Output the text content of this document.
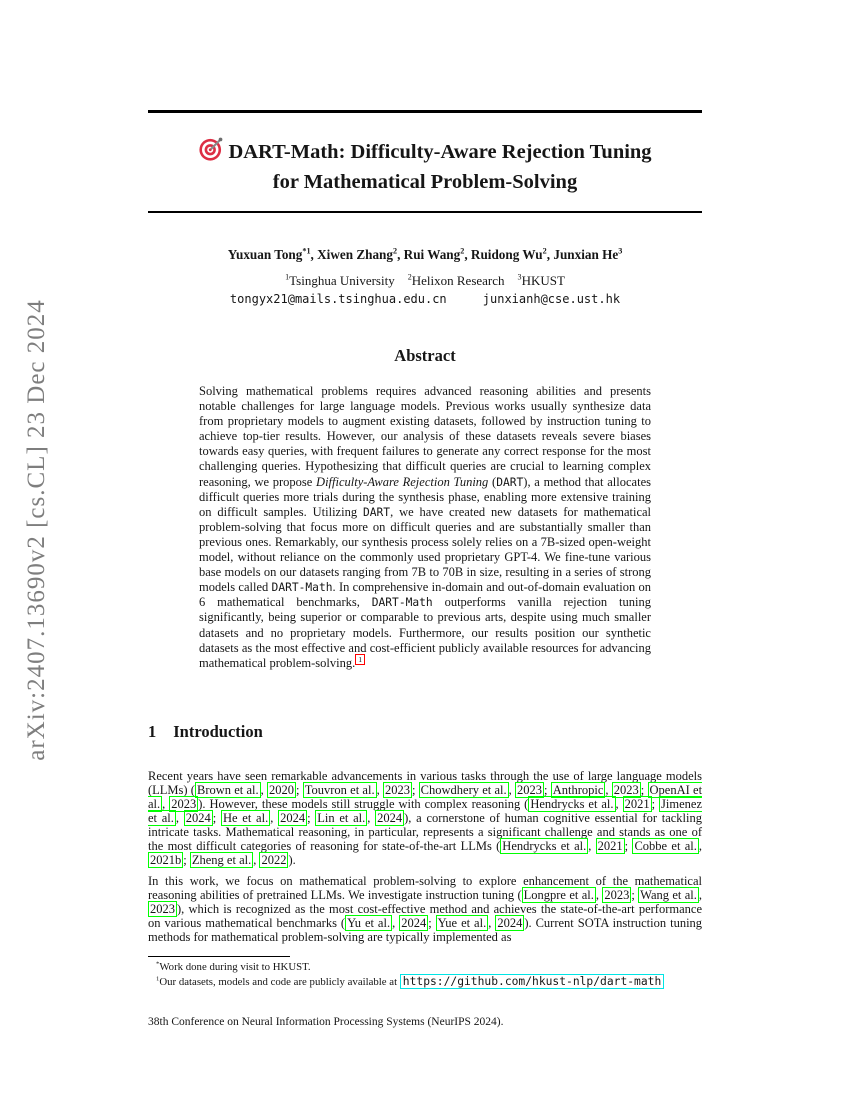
arXiv:2407.13690v2 [cs.CL] 23 Dec 2024
DART-Math: Difficulty-Aware Rejection Tuning
for Mathematical Problem-Solving
Yuxuan Tong$^{*1}$, Xiwen Zhang$^2$, Rui Wang$^2$, Ruidong Wu$^2$, Junxian He$^3$
$^1$Tsinghua University    $^2$Helixon Research    $^3$HKUST
tongyx21@mails.tsinghua.edu.cn     junxianh@cse.ust.hk
Abstract
Solving mathematical problems requires advanced reasoning abilities and presents notable challenges for large language models. Previous works usually synthesize data from proprietary models to augment existing datasets, followed by instruction tuning to achieve top-tier results. However, our analysis of these datasets reveals severe biases towards easy queries, with frequent failures to generate any correct response for the most challenging queries. Hypothesizing that difficult queries are crucial to learning complex reasoning, we propose Difficulty-Aware Rejection Tuning (DART), a method that allocates difficult queries more trials during the synthesis phase, enabling more extensive training on difficult samples. Utilizing DART, we have created new datasets for mathematical problem-solving that focus more on difficult queries and are substantially smaller than previous ones. Remarkably, our synthesis process solely relies on a 7B-sized open-weight model, without reliance on the commonly used proprietary GPT-4. We fine-tune various base models on our datasets ranging from 7B to 70B in size, resulting in a series of strong models called DART-Math. In comprehensive in-domain and out-of-domain evaluation on 6 mathematical benchmarks, DART-Math outperforms vanilla rejection tuning significantly, being superior or comparable to previous arts, despite using much smaller datasets and no proprietary models. Furthermore, our results position our synthetic datasets as the most effective and cost-efficient publicly available resources for advancing mathematical problem-solving. $^1$
1 Introduction
Recent years have seen remarkable advancements in various tasks through the use of large language models (LLMs) ( Brown et al. , 2020 ; Touvron et al. , 2023 ; Chowdhery et al. , 2023 ; Anthropic , 2023 ; OpenAI et al. , 2023 ). However, these models still struggle with complex reasoning ( Hendrycks et al. , 2021 ; Jimenez et al. , 2024 ; He et al. , 2024 ; Lin et al. , 2024 ), a cornerstone of human cognitive essential for tackling intricate tasks. Mathematical reasoning, in particular, represents a significant challenge and stands as one of the most difficult categories of reasoning for state-of-the-art LLMs ( Hendrycks et al. , 2021 ; Cobbe et al. , 2021b ; Zheng et al. , 2022 ).
In this work, we focus on mathematical problem-solving to explore enhancement of the mathematical reasoning abilities of pretrained LLMs. We investigate instruction tuning ( Longpre et al. , 2023 ; Wang et al. , 2023 ), which is recognized as the most cost-effective method and achieves the state-of-the-art performance on various mathematical benchmarks ( Yu et al. , 2024 ; Yue et al. , 2024 ). Current SOTA instruction tuning methods for mathematical problem-solving are typically implemented as
*Work done during visit to HKUST.
$^1$Our datasets, models and code are publicly available at https://github.com/hkust-nlp/dart-math
38th Conference on Neural Information Processing Systems (NeurIPS 2024).
